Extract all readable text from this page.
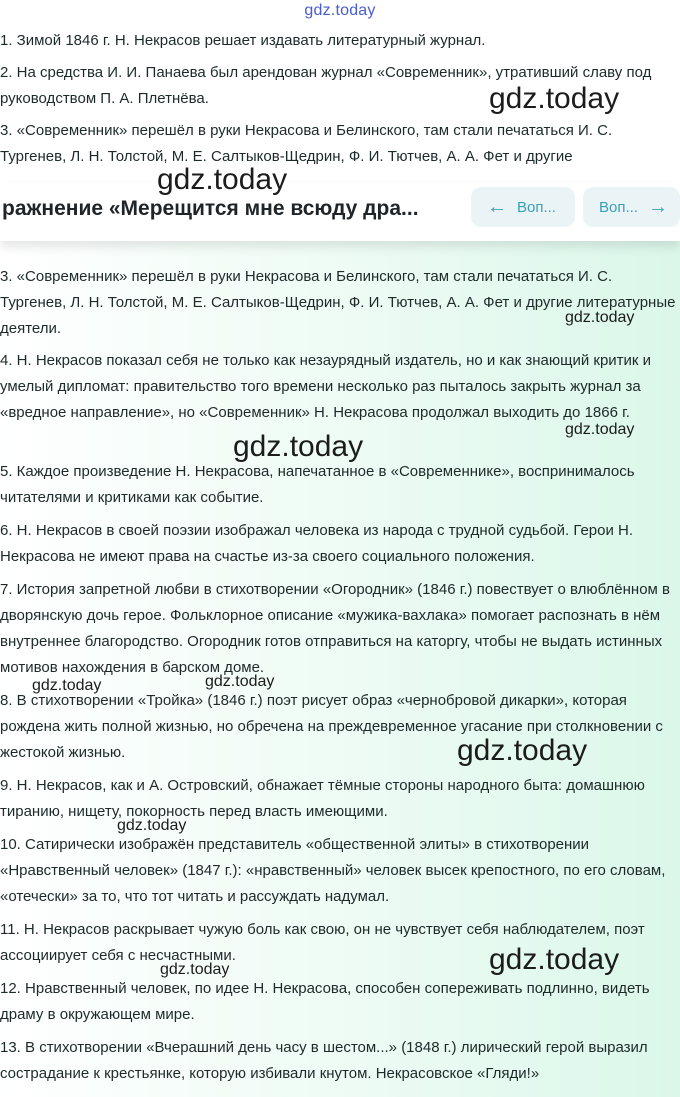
gdz.today
1. Зимой 1846 г. Н. Некрасов решает издавать литературный журнал.
2. На средства И. И. Панаева был арендован журнал «Современник», утративший славу под руководством П. А. Плетнёва.
3. «Современник» перешёл в руки Некрасова и Белинского, там стали печататься И. С. Тургенев, Л. Н. Толстой, М. Е. Салтыков-Щедрин, Ф. И. Тютчев, А. А. Фет и другие
ражнение «Мерещится мне всюду дра...	← Воп...	Воп... →
3. «Современник» перешёл в руки Некрасова и Белинского, там стали печататься И. С. Тургенев, Л. Н. Толстой, М. Е. Салтыков-Щедрин, Ф. И. Тютчев, А. А. Фет и другие литературные деятели.
4. Н. Некрасов показал себя не только как незаурядный издатель, но и как знающий критик и умелый дипломат: правительство того времени несколько раз пыталось закрыть журнал за «вредное направление», но «Современник» Н. Некрасова продолжал выходить до 1866 г.
5. Каждое произведение Н. Некрасова, напечатанное в «Современнике», воспринималось читателями и критиками как событие.
6. Н. Некрасов в своей поэзии изображал человека из народа с трудной судьбой. Герои Н. Некрасова не имеют права на счастье из-за своего социального положения.
7. История запретной любви в стихотворении «Огородник» (1846 г.) повествует о влюблённом в дворянскую дочь герое. Фольклорное описание «мужика-вахлака» помогает распознать в нём внутреннее благородство. Огородник готов отправиться на каторгу, чтобы не выдать истинных мотивов нахождения в барском доме.
8. В стихотворении «Тройка» (1846 г.) поэт рисует образ «чернобровой дикарки», которая рождена жить полной жизнью, но обречена на преждевременное угасание при столкновении с жестокой жизнью.
9. Н. Некрасов, как и А. Островский, обнажает тёмные стороны народного быта: домашнюю тиранию, нищету, покорность перед власть имеющими.
10. Сатирически изображён представитель «общественной элиты» в стихотворении «Нравственный человек» (1847 г.): «нравственный» человек высек крепостного, по его словам, «отечески» за то, что тот читать и рассуждать надумал.
11. Н. Некрасов раскрывает чужую боль как свою, он не чувствует себя наблюдателем, поэт ассоциирует себя с несчастными.
12. Нравственный человек, по идее Н. Некрасова, способен сопереживать подлинно, видеть драму в окружающем мире.
13. В стихотворении «Вчерашний день часу в шестом...» (1848 г.) лирический герой выразил сострадание к крестьянке, которую избивали кнутом. Некрасовское «Гляди!»
gdz.today
gdz.today
gdz.today
gdz.today
gdz.today
gdz.today	gdz.today
gdz.today
gdz.today
gdz.today
gdz.today
